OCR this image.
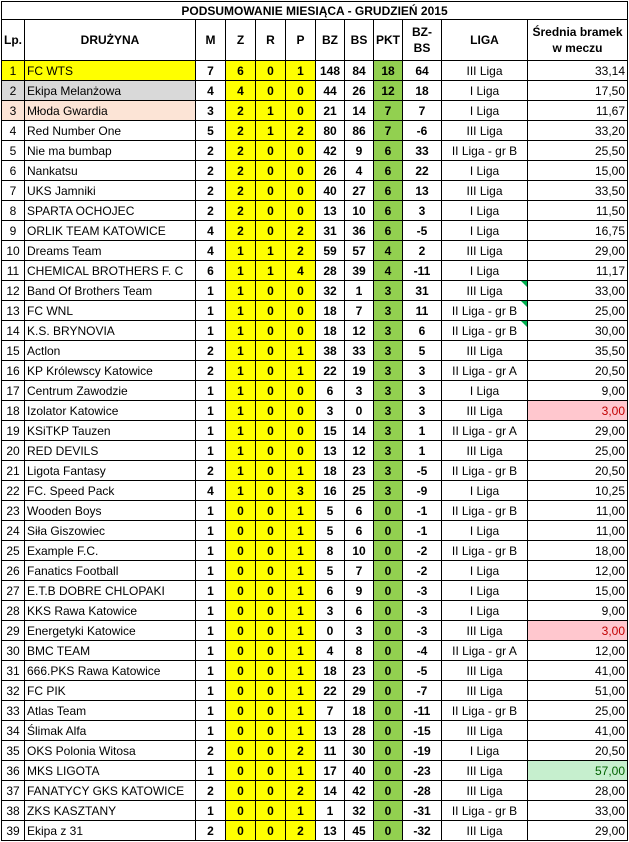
PODSUMOWANIE MIESIĄCA - GRUDZIEŃ 2015											
Lp.	DRUŻYNA	M	Z	R	P	BZ	BS	PKT	BZ-BS	LIGA	Średnia bramek
w meczu
1	FC WTS	7	6	0	1	148	84	18	64	III Liga	33,14
2	Ekipa Melanżowa	4	4	0	0	44	26	12	18	I Liga	17,50
3	Młoda Gwardia	3	2	1	0	21	14	7	7	I Liga	11,67
4	Red Number One	5	2	1	2	80	86	7	-6	III Liga	33,20
5	Nie ma bumbap	2	2	0	0	42	9	6	33	II Liga - gr B	25,50
6	Nankatsu	2	2	0	0	26	4	6	22	I Liga	15,00
7	UKS Jamniki	2	2	0	0	40	27	6	13	III Liga	33,50
8	SPARTA OCHOJEC	2	2	0	0	13	10	6	3	I Liga	11,50
9	ORLIK TEAM KATOWICE	4	2	0	2	31	36	6	-5	I Liga	16,75
10	Dreams Team	4	1	1	2	59	57	4	2	III Liga	29,00
11	CHEMICAL BROTHERS F. C	6	1	1	4	28	39	4	-11	I Liga	11,17
12	Band Of Brothers Team	1	1	0	0	32	1	3	31	III Liga	33,00
13	FC WNL	1	1	0	0	18	7	3	11	II Liga - gr B	25,00
14	K.S. BRYNOVIA	1	1	0	0	18	12	3	6	II Liga - gr B	30,00
15	Actlon	2	1	0	1	38	33	3	5	III Liga	35,50
16	KP Królewscy Katowice	2	1	0	1	22	19	3	3	II Liga - gr A	20,50
17	Centrum Zawodzie	1	1	0	0	6	3	3	3	I Liga	9,00
18	Izolator Katowice	1	1	0	0	3	0	3	3	III Liga	3,00
19	KSiTKP Tauzen	1	1	0	0	15	14	3	1	II Liga - gr A	29,00
20	RED DEVILS	1	1	0	0	13	12	3	1	III Liga	25,00
21	Ligota Fantasy	2	1	0	1	18	23	3	-5	II Liga - gr B	20,50
22	FC. Speed Pack	4	1	0	3	16	25	3	-9	I Liga	10,25
23	Wooden Boys	1	0	0	1	5	6	0	-1	II Liga - gr B	11,00
24	Siła Giszowiec	1	0	0	1	5	6	0	-1	I Liga	11,00
25	Example F.C.	1	0	0	1	8	10	0	-2	II Liga - gr B	18,00
26	Fanatics Football	1	0	0	1	5	7	0	-2	I Liga	12,00
27	E.T.B DOBRE CHLOPAKI	1	0	0	1	6	9	0	-3	I Liga	15,00
28	KKS Rawa Katowice	1	0	0	1	3	6	0	-3	I Liga	9,00
29	Energetyki Katowice	1	0	0	1	0	3	0	-3	III Liga	3,00
30	BMC TEAM	1	0	0	1	4	8	0	-4	II Liga - gr A	12,00
31	666.PKS Rawa Katowice	1	0	0	1	18	23	0	-5	III Liga	41,00
32	FC PIK	1	0	0	1	22	29	0	-7	III Liga	51,00
33	Atlas Team	1	0	0	1	7	18	0	-11	II Liga - gr B	25,00
34	Ślimak Alfa	1	0	0	1	13	28	0	-15	III Liga	41,00
35	OKS Polonia Witosa	2	0	0	2	11	30	0	-19	I Liga	20,50
36	MKS LIGOTA	1	0	0	1	17	40	0	-23	III Liga	57,00
37	FANATYCY GKS KATOWICE	2	0	0	2	14	42	0	-28	III Liga	28,00
38	ZKS KASZTANY	1	0	0	1	1	32	0	-31	II Liga - gr B	33,00
39	Ekipa z 31	2	0	0	2	13	45	0	-32	III Liga	29,00
